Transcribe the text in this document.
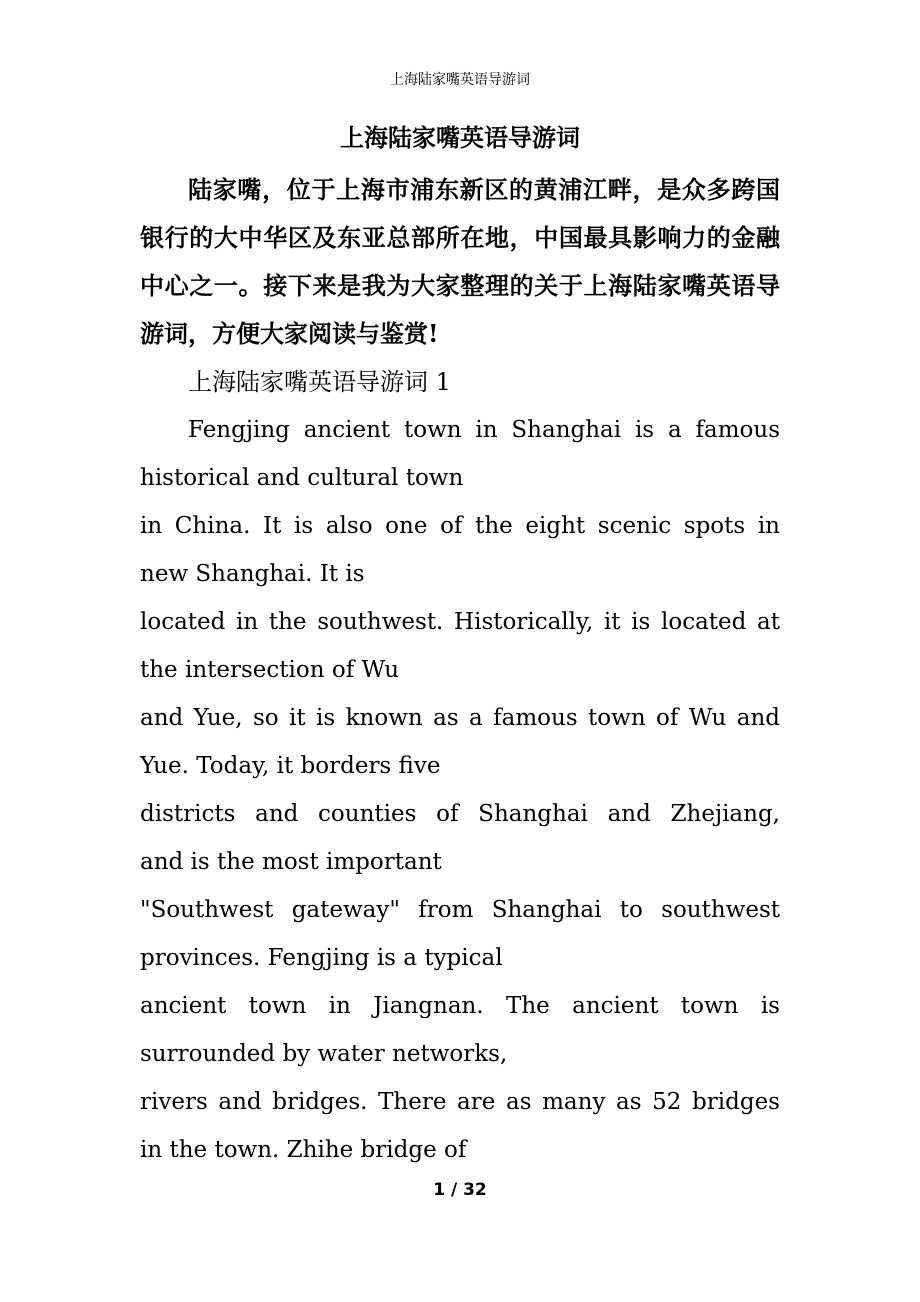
上海陆家嘴英语导游词
上海陆家嘴英语导游词

陆家嘴，位于上海市浦东新区的黄浦江畔，是众多跨国银行的大中华区及东亚总部所在地，中国最具影响力的金融中心之一。接下来是我为大家整理的关于上海陆家嘴英语导游词，方便大家阅读与鉴赏!

上海陆家嘴英语导游词 1

Fengjing ancient town in Shanghai is a famous

historical and cultural town

in China. It is also one of the eight scenic spots in

new Shanghai. It is

located in the southwest. Historically, it is located at

the intersection of Wu

and Yue, so it is known as a famous town of Wu and

Yue. Today, it borders five

districts and counties of Shanghai and Zhejiang,

and is the most important

"Southwest gateway" from Shanghai to southwest

provinces. Fengjing is a typical

ancient town in Jiangnan. The ancient town is

surrounded by water networks,

rivers and bridges. There are as many as 52 bridges

in the town. Zhihe bridge of

1 / 32
